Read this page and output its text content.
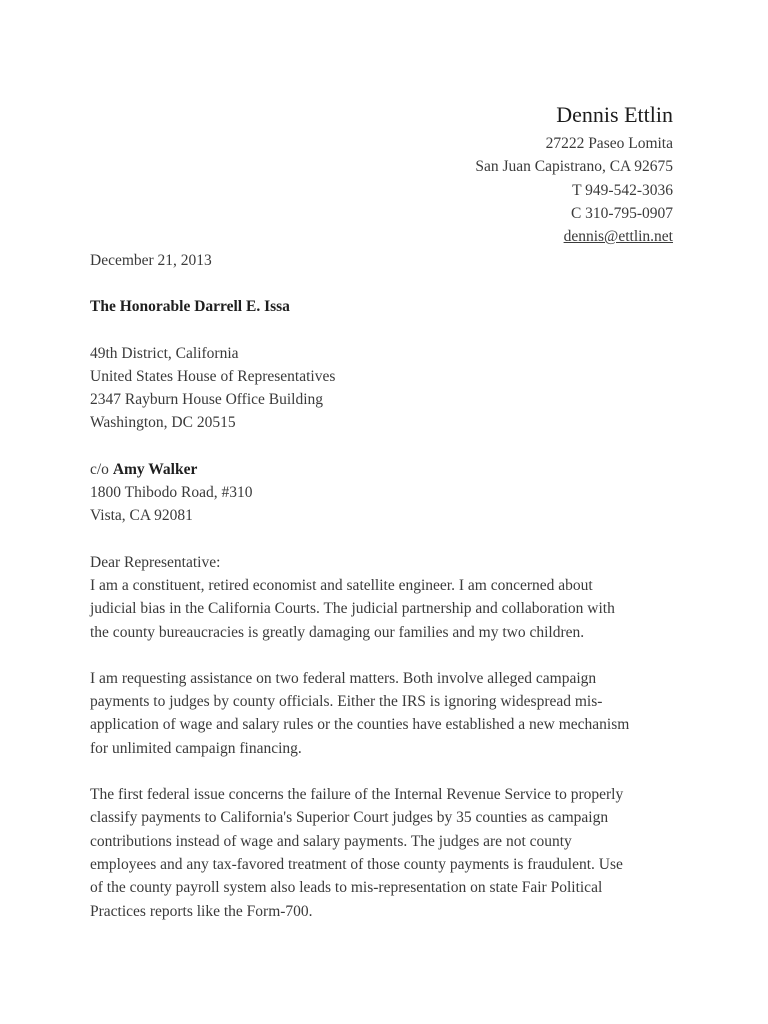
Dennis Ettlin
27222 Paseo Lomita
San Juan Capistrano, CA 92675
T 949-542-3036
C 310-795-0907
dennis@ettlin.net
December 21, 2013
The Honorable Darrell E. Issa
49th District, California
United States House of Representatives
2347 Rayburn House Office Building
Washington, DC 20515
c/o Amy Walker
1800 Thibodo Road, #310
Vista, CA 92081
Dear Representative:
I am a constituent, retired economist and satellite engineer. I am concerned about
judicial bias in the California Courts. The judicial partnership and collaboration with
the county bureaucracies is greatly damaging our families and my two children.
I am requesting assistance on two federal matters. Both involve alleged campaign
payments to judges by county officials. Either the IRS is ignoring widespread mis-
application of wage and salary rules or the counties have established a new mechanism
for unlimited campaign financing.
The first federal issue concerns the failure of the Internal Revenue Service to properly
classify payments to California's Superior Court judges by 35 counties as campaign
contributions instead of wage and salary payments. The judges are not county
employees and any tax-favored treatment of those county payments is fraudulent. Use
of the county payroll system also leads to mis-representation on state Fair Political
Practices reports like the Form-700.
